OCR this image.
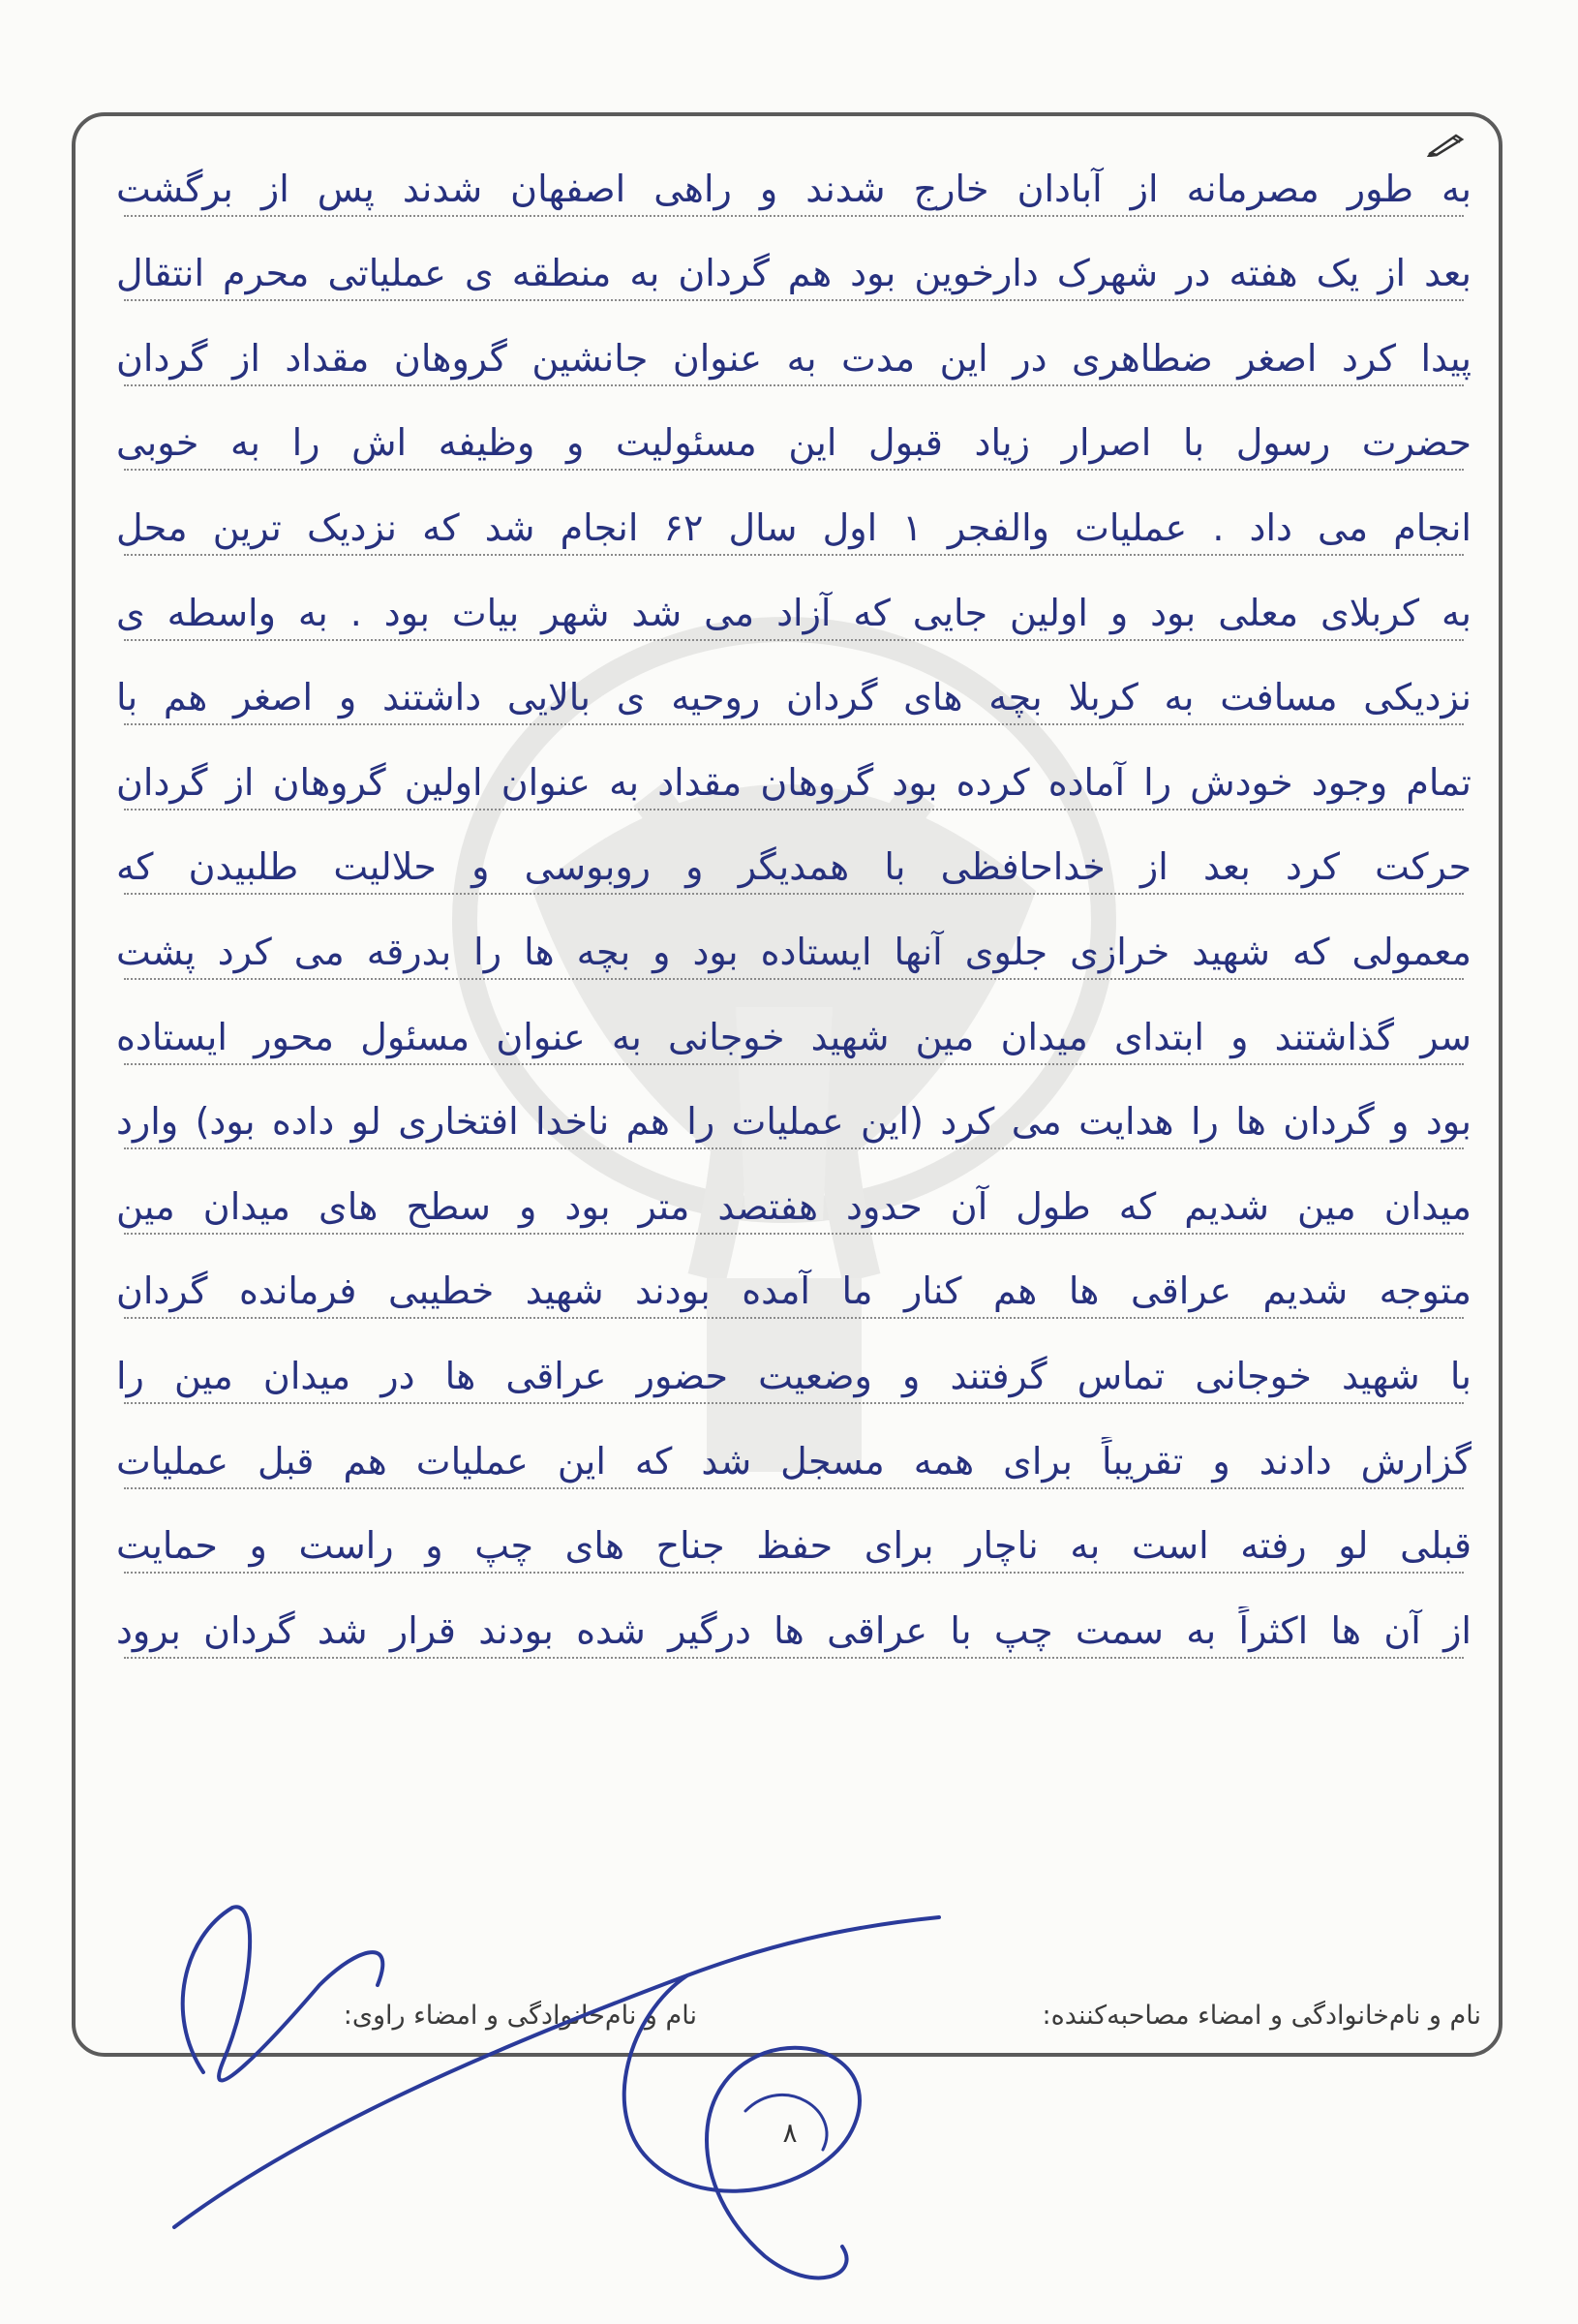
به طور مصرمانه از آبادان خارج شدند و راهی اصفهان شدند پس از برگشت
بعد از یک هفته در شهرک دارخوین بود هم گردان به منطقه ی عملیاتی محرم انتقال
پیدا کرد اصغر ضطاهری در این مدت به عنوان جانشین گروهان مقداد از گردان
حضرت رسول با اصرار زیاد قبول این مسئولیت و وظیفه اش را به خوبی
انجام می داد . عملیات والفجر ۱ اول سال ۶۲ انجام شد که نزدیک ترین محل
به کربلای معلی بود و اولین جایی که آزاد می شد شهر بیات بود . به واسطه ی
نزدیکی مسافت به کربلا بچه های گردان روحیه ی بالایی داشتند و اصغر هم با
تمام وجود خودش را آماده کرده بود گروهان مقداد به عنوان اولین گروهان از گردان
حرکت کرد بعد از خداحافظی با همدیگر و روبوسی و حلالیت طلبیدن که
معمولی که شهید خرازی جلوی آنها ایستاده بود و بچه ها را بدرقه می کرد پشت
سر گذاشتند و ابتدای میدان مین شهید خوجانی به عنوان مسئول محور ایستاده
بود و گردان ها را هدایت می کرد (این عملیات را هم ناخدا افتخاری لو داده بود) وارد
میدان مین شدیم که طول آن حدود هفتصد متر بود و سطح های میدان مین
متوجه شدیم عراقی ها هم کنار ما آمده بودند شهید خطیبی فرمانده گردان
با شهید خوجانی تماس گرفتند و وضعیت حضور عراقی ها در میدان مین را
گزارش دادند و تقریباً برای همه مسجل شد که این عملیات هم قبل عملیات
قبلی لو رفته است به ناچار برای حفظ جناح های چپ و راست و حمایت
از آن ها اکثراً به سمت چپ با عراقی ها درگیر شده بودند قرار شد گردان برود
نام و نام‌خانوادگی و امضاء مصاحبه‌کننده:
نام و نام‌خانوادگی و امضاء راوی:
۸
